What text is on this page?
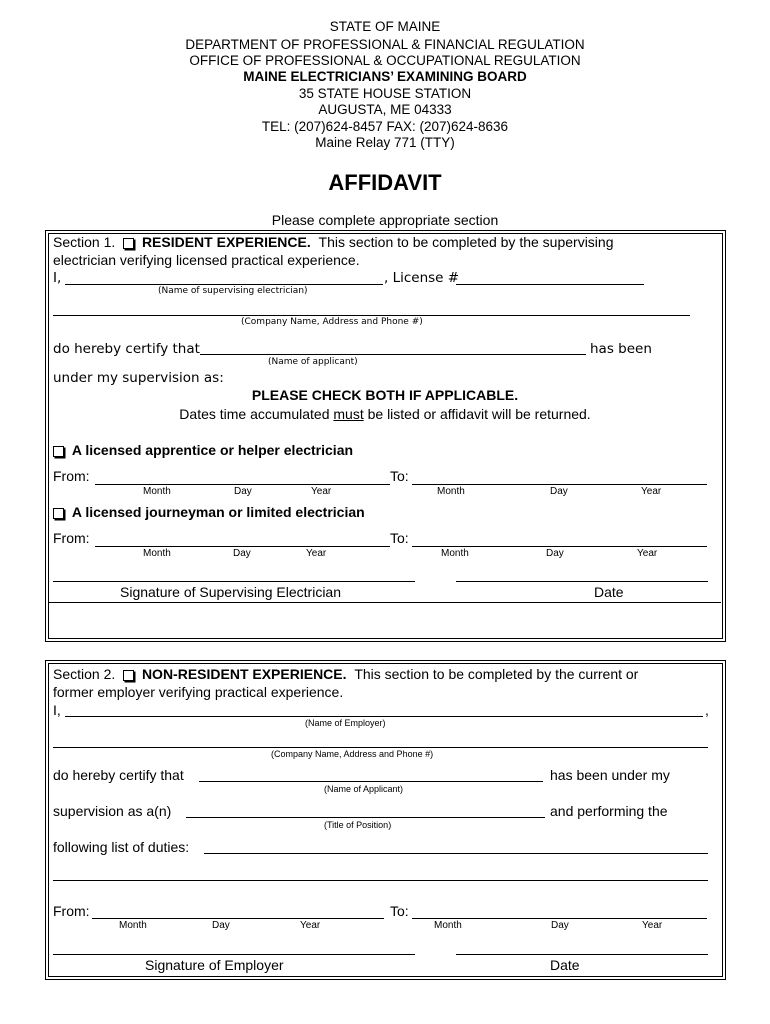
STATE OF MAINE
DEPARTMENT OF PROFESSIONAL & FINANCIAL REGULATION
OFFICE OF PROFESSIONAL & OCCUPATIONAL REGULATION
MAINE ELECTRICIANS’ EXAMINING BOARD
35 STATE HOUSE STATION
AUGUSTA, ME 04333
TEL: (207)624-8457 FAX: (207)624-8636
Maine Relay 771 (TTY)
AFFIDAVIT
Please complete appropriate section
Section 1. RESIDENT EXPERIENCE. This section to be completed by the supervising
electrician verifying licensed practical experience.
I,	, License #
(Name of supervising electrician)
(Company Name, Address and Phone #)
do hereby certify that	has been
(Name of applicant)
under my supervision as:
PLEASE CHECK BOTH IF APPLICABLE.
Dates time accumulated must be listed or affidavit will be returned.
A licensed apprentice or helper electrician
From:	To:
Month	Day	Year	Month	Day	Year
A licensed journeyman or limited electrician
From:	To:
Month	Day	Year	Month	Day	Year
Signature of Supervising Electrician	Date
Section 2. NON-RESIDENT EXPERIENCE. This section to be completed by the current or
former employer verifying practical experience.
I,	,
(Name of Employer)
(Company Name, Address and Phone #)
do hereby certify that	has been under my
(Name of Applicant)
supervision as a(n)	and performing the
(Title of Position)
following list of duties:
From:	To:
Month	Day	Year	Month	Day	Year
Signature of Employer	Date
